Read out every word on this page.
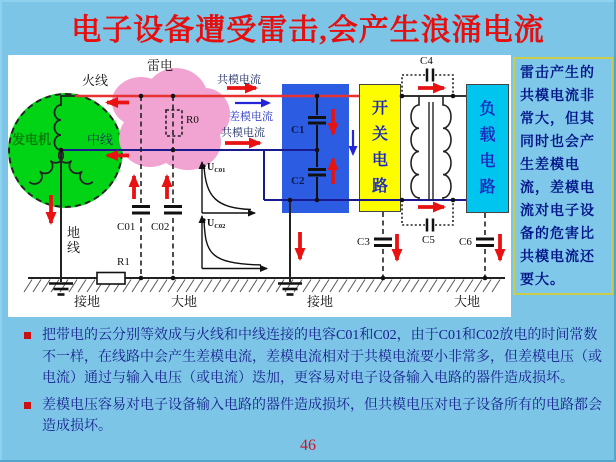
电子设备遭受雷击,会产生浪涌电流
开关电路
负载电路
火线
雷电
R0
共模电流
差模电流
共模电流
发电机	中线
地线
C01 C02
R1
接地	大地	接地	大地
C1
C2
C3
C4
C5 C6
$U_{C01}$
$U_{C02}$
雷击产生的共模电流非常大，但其同时也会产生差模电流，差模电流对电子设备的危害比共模电流还要大。

把带电的云分别等效成与火线和中线连接的电容C01和C02，由于C01和C02放电的时间常数不一样，在线路中会产生差模电流，差模电流相对于共模电流要小非常多，但差模电压（或电流）通过与输入电压（或电流）迭加，更容易对电子设备输入电路的器件造成损坏。

差模电压容易对电子设备输入电路的器件造成损坏，但共模电压对电子设备所有的电路都会造成损坏。

46
